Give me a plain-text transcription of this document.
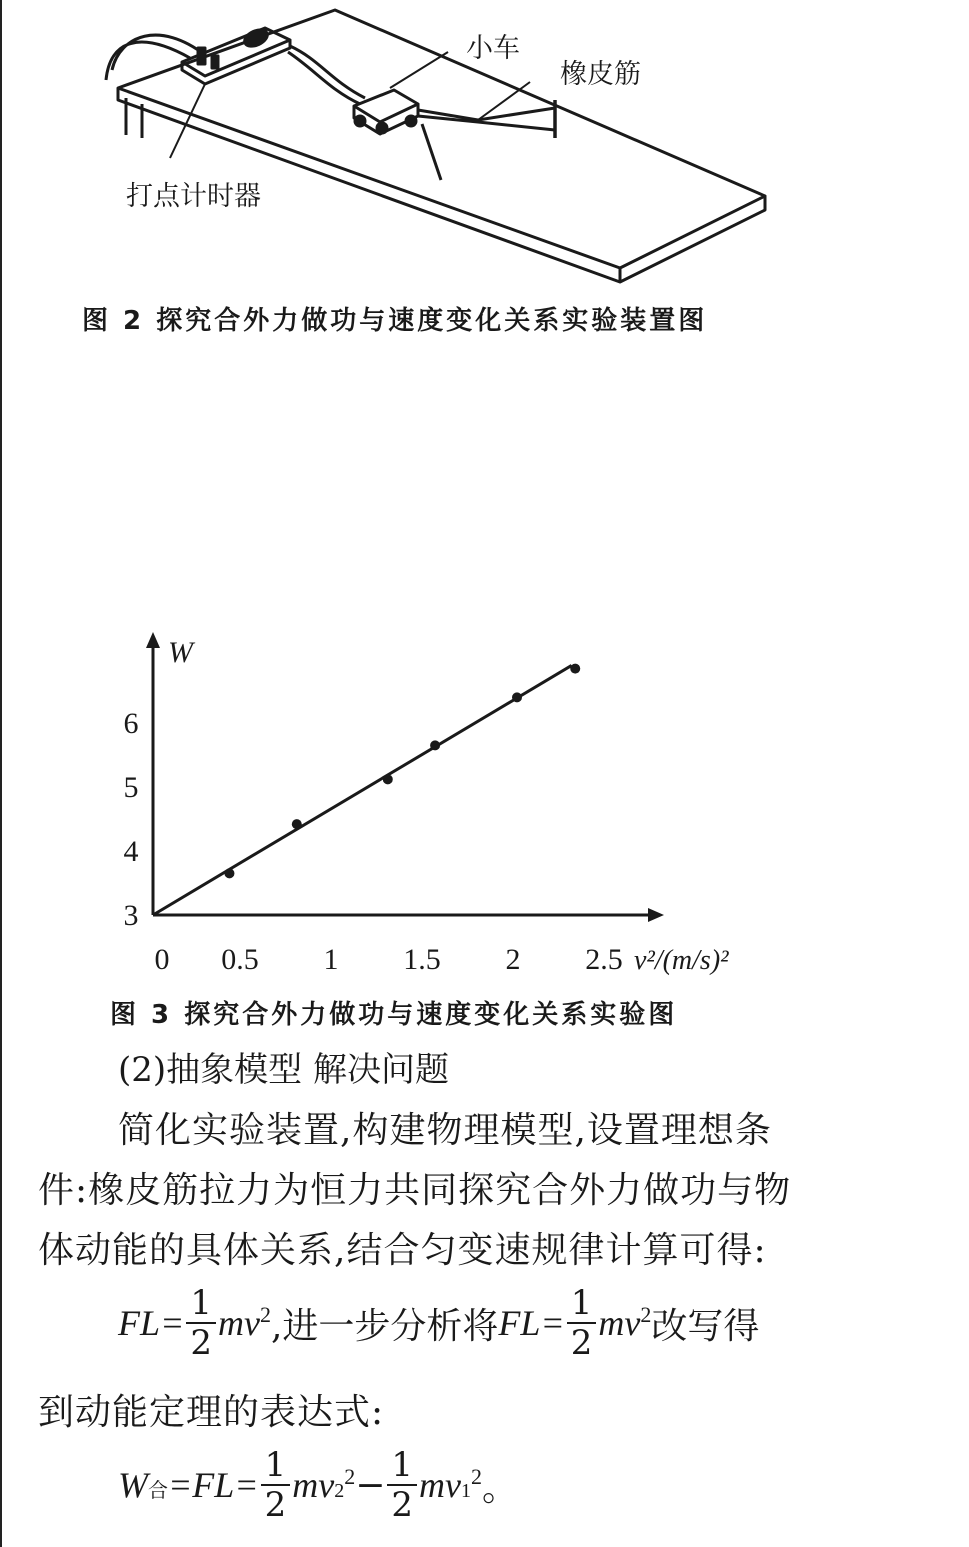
小车
橡皮筋
打点计时器
图 2 探究合外力做功与速度变化关系实验装置图
0 0.5 1 1.5 2 2.5
3
4
5
6
W
v²/(m/s)²
图 3 探究合外力做功与速度变化关系实验图
(2)抽象模型 解决问题
简化实验装置,构建物理模型,设置理想条
件:橡皮筋拉力为恒力共同探究合外力做功与物
体动能的具体关系,结合匀变速规律计算可得:
$FL= \frac{1}{2} mv^2$ ,进一步分析将 $FL= \frac{1}{2} mv^2$ 改写得
到动能定理的表达式:
W合 $=FL= \frac{1}{2} mv2^2 - \frac{1}{2} mv1^2$ 。
